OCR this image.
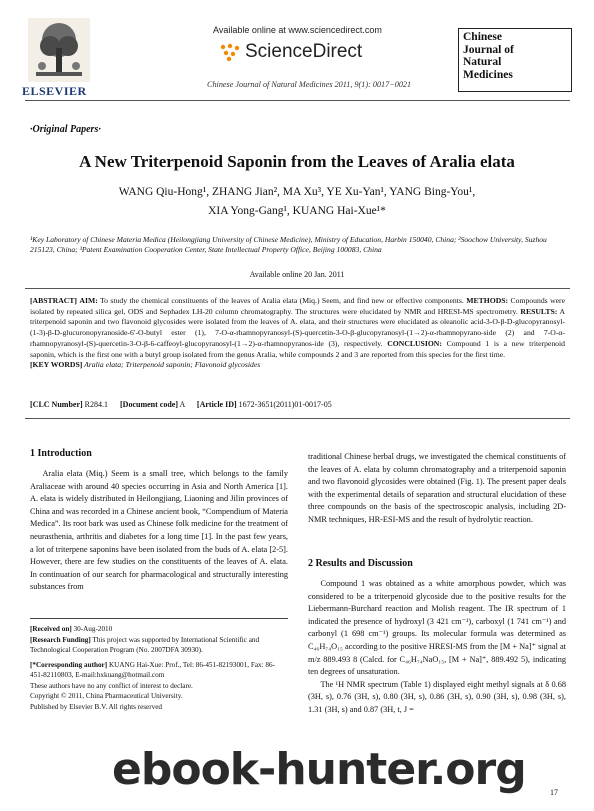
ELSEVIER
Available online at www.sciencedirect.com
ScienceDirect
Chinese Journal of Natural Medicines 2011, 9(1): 0017−0021
Chinese
Journal of
Natural
Medicines
·Original Papers·
A New Triterpenoid Saponin from the Leaves of Aralia elata
WANG Qiu-Hong¹, ZHANG Jian², MA Xu³, YE Xu-Yan¹, YANG Bing-You¹,
XIA Yong-Gang¹, KUANG Hai-Xue¹*
¹Key Laboratory of Chinese Materia Medica (Heilongjiang University of Chinese Medicine), Ministry of Education, Harbin 150040, China; ²Soochow University, Suzhou 215123, China; ³Patent Examination Cooperation Center, State Intellectual Property Office, Beijing 100083, China
Available online 20 Jan. 2011
[ABSTRACT] AIM: To study the chemical constituents of the leaves of Aralia elata (Miq.) Seem, and find new or effective components. METHODS: Compounds were isolated by repeated silica gel, ODS and Sephadex LH-20 column chromatography. The structures were elucidated by NMR and HRESI-MS spectrometry. RESULTS: A triterpenoid saponin and two flavonoid glycosides were isolated from the leaves of A. elata, and their structures were elucidated as oleanolic acid-3-O-β-D-glucopyranosyl-(1-3)-β-D-glucuronopyranoside-6′-O-butyl ester (1), 7-O-α-rhamnopyranosyl-(S)-quercetin-3-O-β-glucopyranosyl-(1→2)-α-rhamnopyrano-side (2) and 7-O-α-rhamnopyranosyl-(S)-quercetin-3-O-β-6-caffeoyl-glucopyranosyl-(1→2)-α-rhamnopyranos-ide (3), respectively. CONCLUSION: Compound 1 is a new triterpenoid saponin, which is the first one with a butyl group isolated from the genus Aralia, while compounds 2 and 3 are reported from this species for the first time.
[KEY WORDS] Aralia elata; Triterpenoid saponin; Flavonoid glycosides
[CLC Number] R284.1 [Document code] A [Article ID] 1672-3651(2011)01-0017-05
1 Introduction

Aralia elata (Miq.) Seem is a small tree, which belongs to the family Araliaceae with around 40 species occurring in Asia and North America [1]. A. elata is widely distributed in Heilongjiang, Liaoning and Jilin provinces of China and was recorded in a Chinese ancient book, “Compendium of Materia Medica”. Its root bark was used as Chinese folk medicine for the treatment of neurasthenia, arthritis and diabetes for a long time [1]. In the past few years, a lot of triterpene saponins have been isolated from the buds of A. elata [2-5]. However, there are few studies on the constituents of the leaves of A. elata. In continuation of our search for pharmacological and structurally interesting substances from

[Received on] 30-Aug-2010
[Research Funding] This project was supported by International Scientific and Technological Cooperation Program (No. 2007DFA 30930).
[*Corresponding author] KUANG Hai-Xue: Prof., Tel: 86-451-82193001, Fax: 86- 451-82110803, E-mail:hxkuang@hotmail.com
These authors have no any conflict of interest to declare.
Copyright © 2011, China Pharmaceutical University.
Published by Elsevier B.V. All rights reserved

traditional Chinese herbal drugs, we investigated the chemical constituents of the leaves of A. elata by column chromatography and a triterpenoid saponin and two flavonoid glycosides were obtained (Fig. 1). The present paper deals with the experimental details of separation and structural elucidation of these three compounds on the basis of the spectroscopic analysis, including 2D-NMR techniques, HR-ESI-MS and the result of hydrolytic reaction.

2 Results and Discussion

Compound 1 was obtained as a white amorphous powder, which was considered to be a triterpenoid glycoside due to the positive results for the Liebermann-Burchard reaction and Molish reagent. The IR spectrum of 1 indicated the presence of hydroxyl (3 421 cm⁻¹), carboxyl (1 741 cm⁻¹) and carbonyl (1 698 cm⁻¹) groups. Its molecular formula was determined as C₄₆H₇₄O₁₅ according to the positive HRESI-MS from the [M + Na]⁺ signal at m/z 889.493 8 (Calcd. for C₄₆H₇₄NaO₁₅, [M + Na]⁺, 889.492 5), indicating ten degrees of unsaturation.

The ¹H NMR spectrum (Table 1) displayed eight methyl signals at δ 0.68 (3H, s), 0.76 (3H, s), 0.80 (3H, s), 0.86 (3H, s), 0.90 (3H, s), 0.98 (3H, s), 1.31 (3H, s) and 0.87 (3H, t, J =

17
ebook-hunter.org
